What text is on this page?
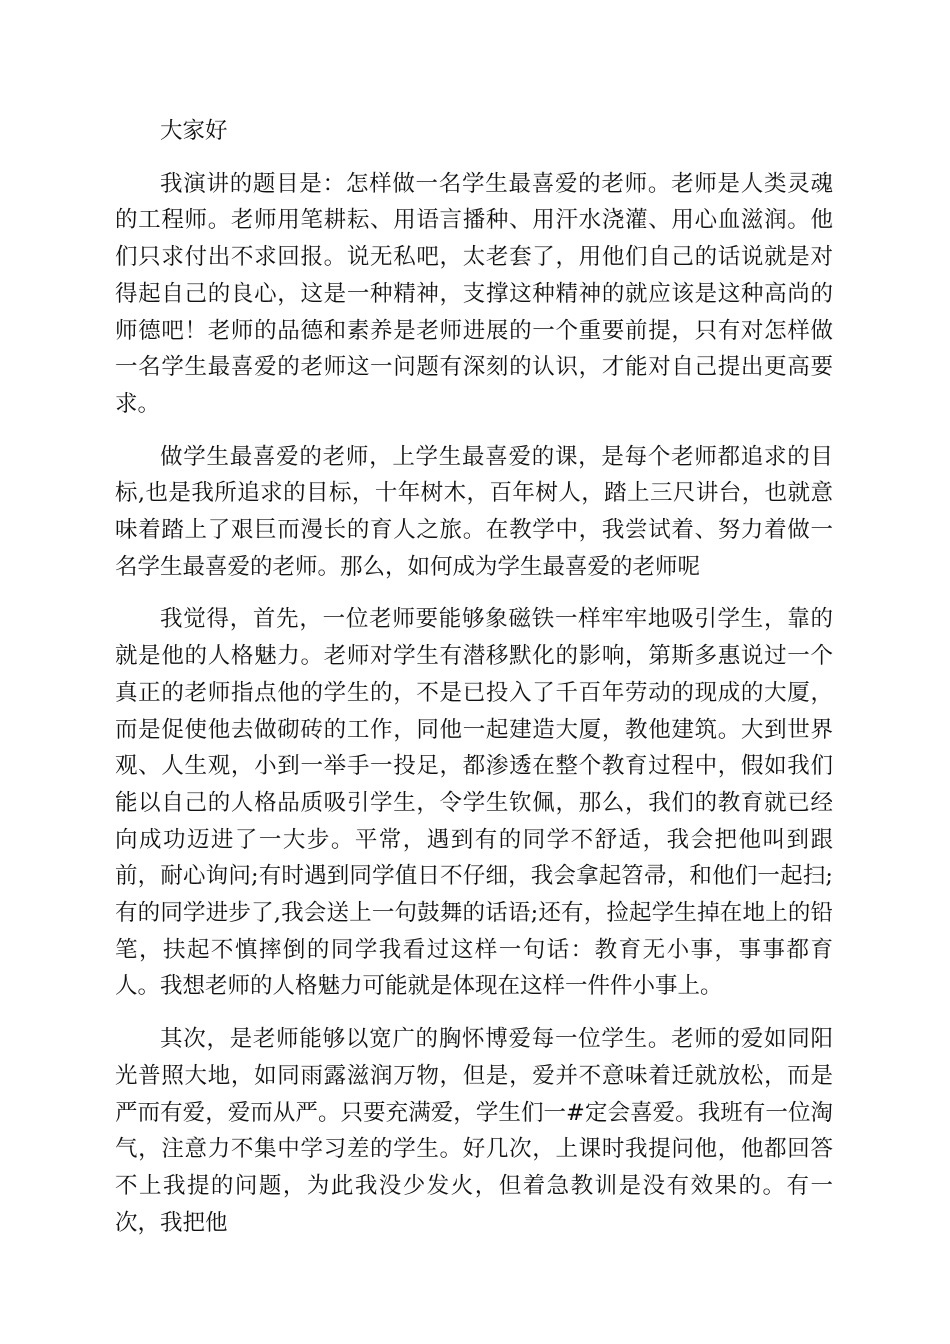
大家好

我演讲的题目是：怎样做一名学生最喜爱的老师。老师是人类灵魂的工程师。老师用笔耕耘、用语言播种、用汗水浇灌、用心血滋润。他们只求付出不求回报。说无私吧，太老套了，用他们自己的话说就是对得起自己的良心，这是一种精神，支撑这种精神的就应该是这种高尚的师德吧！老师的品德和素养是老师进展的一个重要前提，只有对怎样做一名学生最喜爱的老师这一问题有深刻的认识，才能对自己提出更高要求。

做学生最喜爱的老师，上学生最喜爱的课，是每个老师都追求的目标,也是我所追求的目标，十年树木，百年树人，踏上三尺讲台，也就意味着踏上了艰巨而漫长的育人之旅。在教学中，我尝试着、努力着做一名学生最喜爱的老师。那么，如何成为学生最喜爱的老师呢

我觉得，首先，一位老师要能够象磁铁一样牢牢地吸引学生，靠的就是他的人格魅力。老师对学生有潜移默化的影响，第斯多惠说过一个真正的老师指点他的学生的，不是已投入了千百年劳动的现成的大厦，而是促使他去做砌砖的工作，同他一起建造大厦，教他建筑。大到世界观、人生观，小到一举手一投足，都渗透在整个教育过程中，假如我们能以自己的人格品质吸引学生，令学生钦佩，那么，我们的教育就已经向成功迈进了一大步。平常，遇到有的同学不舒适，我会把他叫到跟前，耐心询问;有时遇到同学值日不仔细，我会拿起笤帚，和他们一起扫;有的同学进步了,我会送上一句鼓舞的话语;还有，捡起学生掉在地上的铅笔，扶起不慎摔倒的同学我看过这样一句话：教育无小事，事事都育人。我想老师的人格魅力可能就是体现在这样一件件小事上。

其次，是老师能够以宽广的胸怀博爱每一位学生。老师的爱如同阳光普照大地，如同雨露滋润万物，但是，爱并不意味着迁就放松，而是严而有爱，爱而从严。只要充满爱，学生们一#定会喜爱。我班有一位淘气，注意力不集中学习差的学生。好几次，上课时我提问他，他都回答不上我提的问题，为此我没少发火，但着急教训是没有效果的。有一次，我把他
